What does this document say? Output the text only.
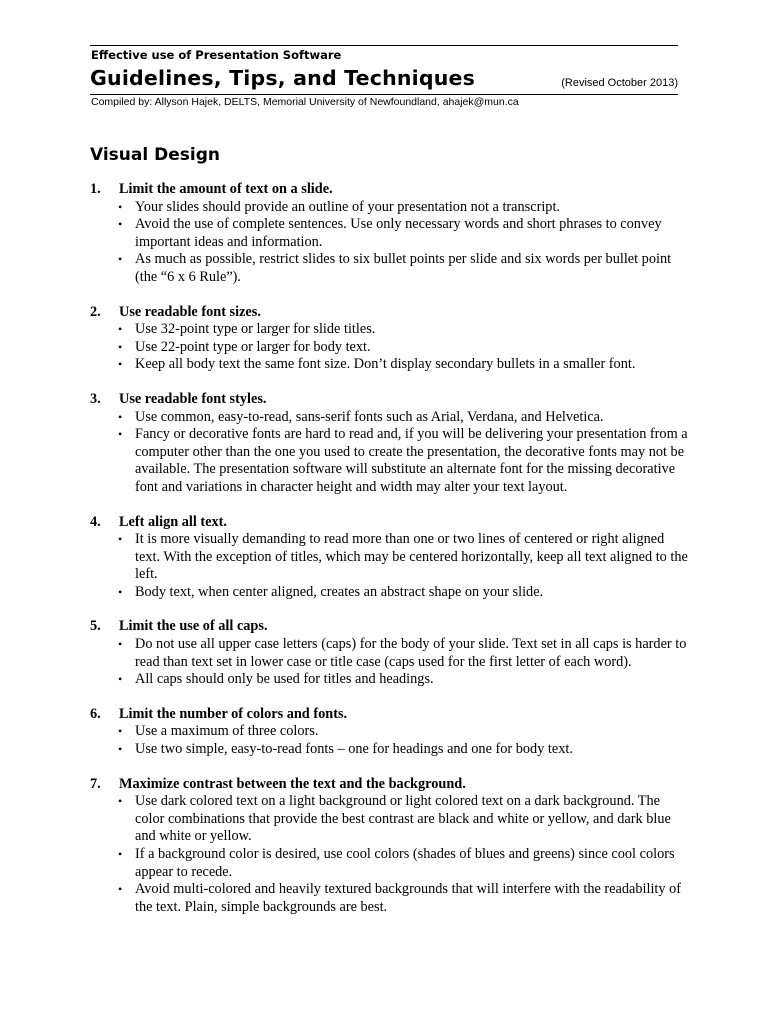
Effective use of Presentation Software
Guidelines, Tips, and Techniques	(Revised October 2013)
Compiled by: Allyson Hajek, DELTS, Memorial University of Newfoundland, ahajek@mun.ca
Visual Design
1.	Limit the amount of text on a slide.
• Your slides should provide an outline of your presentation not a transcript.
• Avoid the use of complete sentences. Use only necessary words and short phrases to convey important ideas and information.
• As much as possible, restrict slides to six bullet points per slide and six words per bullet point (the “6 x 6 Rule”).
2.	Use readable font sizes.
• Use 32-point type or larger for slide titles.
• Use 22-point type or larger for body text.
• Keep all body text the same font size. Don’t display secondary bullets in a smaller font.
3.	Use readable font styles.
• Use common, easy-to-read, sans-serif fonts such as Arial, Verdana, and Helvetica.
• Fancy or decorative fonts are hard to read and, if you will be delivering your presentation from a computer other than the one you used to create the presentation, the decorative fonts may not be available. The presentation software will substitute an alternate font for the missing decorative font and variations in character height and width may alter your text layout.
4.	Left align all text.
• It is more visually demanding to read more than one or two lines of centered or right aligned text. With the exception of titles, which may be centered horizontally, keep all text aligned to the left.
• Body text, when center aligned, creates an abstract shape on your slide.
5.	Limit the use of all caps.
• Do not use all upper case letters (caps) for the body of your slide. Text set in all caps is harder to read than text set in lower case or title case (caps used for the first letter of each word).
• All caps should only be used for titles and headings.
6.	Limit the number of colors and fonts.
• Use a maximum of three colors.
• Use two simple, easy-to-read fonts – one for headings and one for body text.
7.	Maximize contrast between the text and the background.
• Use dark colored text on a light background or light colored text on a dark background. The color combinations that provide the best contrast are black and white or yellow, and dark blue and white or yellow.
• If a background color is desired, use cool colors (shades of blues and greens) since cool colors appear to recede.
• Avoid multi-colored and heavily textured backgrounds that will interfere with the readability of the text. Plain, simple backgrounds are best.
